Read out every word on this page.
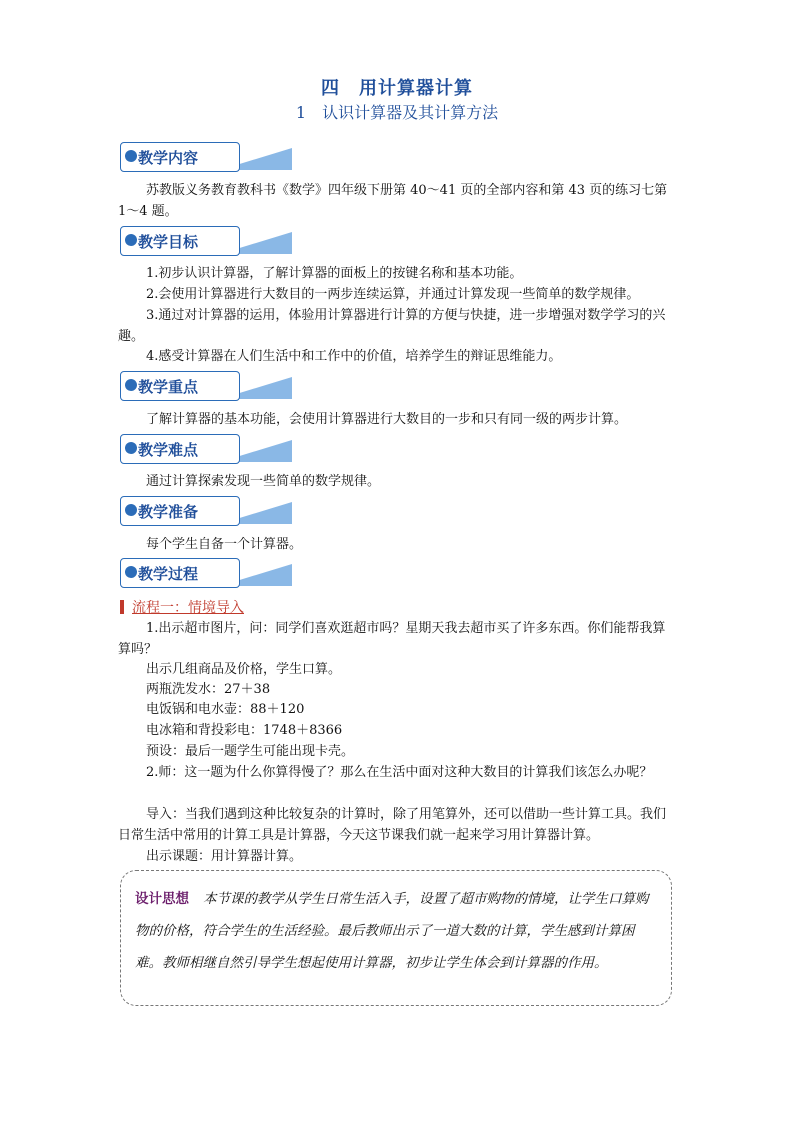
四　用计算器计算
1　认识计算器及其计算方法
教学内容

苏教版义务教育教科书《数学》四年级下册第 40～41 页的全部内容和第 43 页的练习七第 1～4 题。

教学目标

1.初步认识计算器，了解计算器的面板上的按键名称和基本功能。

2.会使用计算器进行大数目的一两步连续运算，并通过计算发现一些简单的数学规律。

3.通过对计算器的运用，体验用计算器进行计算的方便与快捷，进一步增强对数学学习的兴趣。

4.感受计算器在人们生活中和工作中的价值，培养学生的辩证思维能力。

教学重点

了解计算器的基本功能，会使用计算器进行大数目的一步和只有同一级的两步计算。

教学难点

通过计算探索发现一些简单的数学规律。

教学准备

每个学生自备一个计算器。

教学过程
流程一：情境导入

1.出示超市图片，问：同学们喜欢逛超市吗？星期天我去超市买了许多东西。你们能帮我算算吗？

出示几组商品及价格，学生口算。

两瓶洗发水：27＋38

电饭锅和电水壶：88＋120

电冰箱和背投彩电：1748＋8366

预设：最后一题学生可能出现卡壳。

2.师：这一题为什么你算得慢了？那么在生活中面对这种大数目的计算我们该怎么办呢？

导入：当我们遇到这种比较复杂的计算时，除了用笔算外，还可以借助一些计算工具。我们日常生活中常用的计算工具是计算器，今天这节课我们就一起来学习用计算器计算。

出示课题：用计算器计算。

设计思想 本节课的教学从学生日常生活入手，设置了超市购物的情境，让学生口算购物的价格，符合学生的生活经验。最后教师出示了一道大数的计算，学生感到计算困难。教师相继自然引导学生想起使用计算器，初步让学生体会到计算器的作用。
